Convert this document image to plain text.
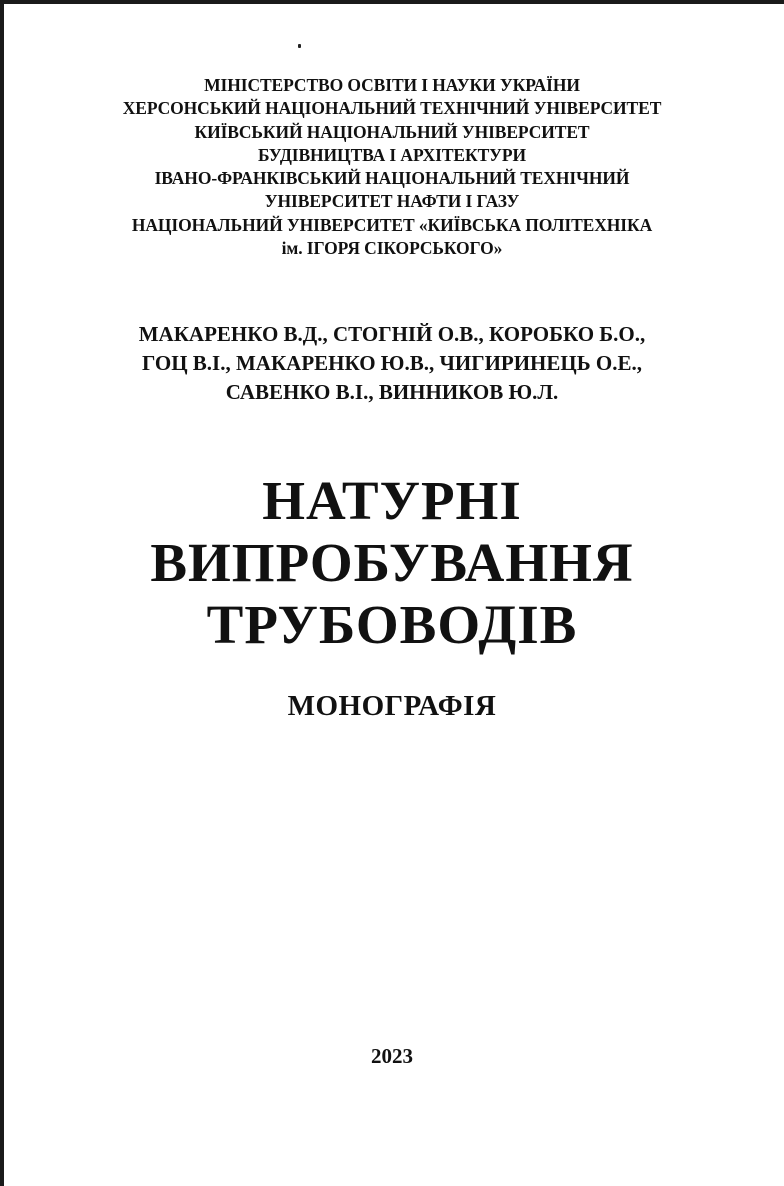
МІНІСТЕРСТВО ОСВІТИ І НАУКИ УКРАЇНИ
ХЕРСОНСЬКИЙ НАЦІОНАЛЬНИЙ ТЕХНІЧНИЙ УНІВЕРСИТЕТ
КИЇВСЬКИЙ НАЦІОНАЛЬНИЙ УНІВЕРСИТЕТ
БУДІВНИЦТВА І АРХІТЕКТУРИ
ІВАНО-ФРАНКІВСЬКИЙ НАЦІОНАЛЬНИЙ ТЕХНІЧНИЙ
УНІВЕРСИТЕТ НАФТИ І ГАЗУ
НАЦІОНАЛЬНИЙ УНІВЕРСИТЕТ «КИЇВСЬКА ПОЛІТЕХНІКА
ім. ІГОРЯ СІКОРСЬКОГО»
МАКАРЕНКО В.Д., СТОГНІЙ О.В., КОРОБКО Б.О.,
ГОЦ В.І., МАКАРЕНКО Ю.В., ЧИГИРИНЕЦЬ О.Е.,
САВЕНКО В.І., ВИННИКОВ Ю.Л.
НАТУРНІ
ВИПРОБУВАННЯ
ТРУБОВОДІВ
МОНОГРАФІЯ
2023
